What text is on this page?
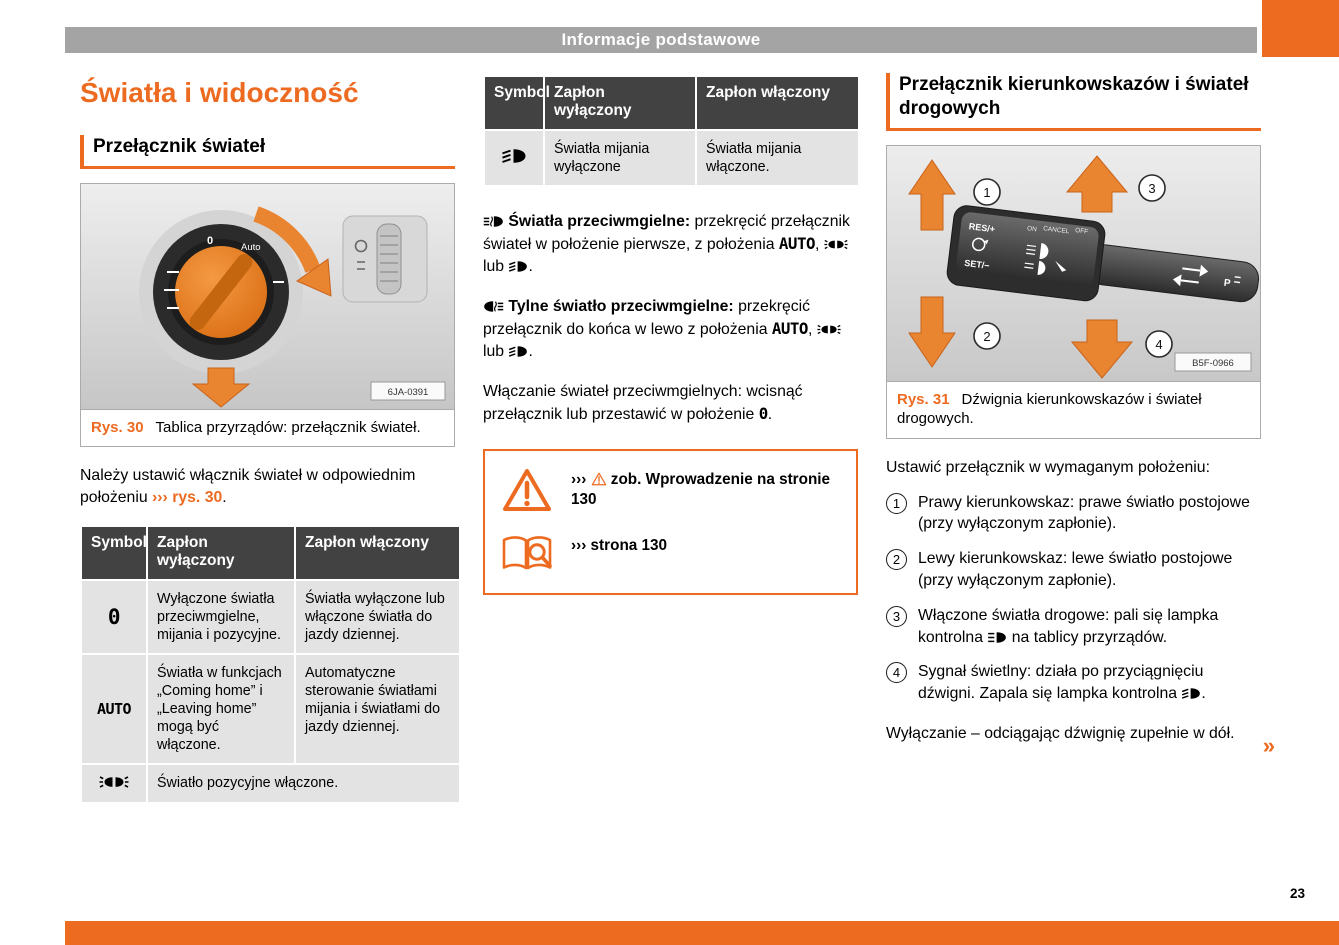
Informacje podstawowe
23
Światła i widoczność
Przełącznik świateł
0
Auto
6JA-0391
Rys. 30 Tablica przyrządów: przełącznik świateł.

Należy ustawić włącznik świateł w odpowiednim położeniu ››› rys. 30.

Symbol	Zapłon wyłączony	Zapłon włączony
0	Wyłączone światła przeciwmgielne, mijania i pozycyjne.	Światła wyłączone lub włączone światła do jazdy dziennej.
AUTO	Światła w funkcjach „Coming home” i „Leaving home” mogą być włączone.	Automatyczne sterowanie światłami mijania i światłami do jazdy dziennej.
	Światło pozycyjne włączone.	
Symbol	Zapłon wyłączony	Zapłon włączony
	Światła mijania wyłączone	Światła mijania włączone.

Światła przeciwmgielne: przekręcić przełącznik świateł w położenie pierwsze, z położenia AUTO,  lub .

Tylne światło przeciwmgielne: przekręcić przełącznik do końca w lewo z położenia AUTO,  lub .

Włączanie świateł przeciwmgielnych: wcisnąć przełącznik lub przestawić w położenie 0.

››› zob. Wprowadzenie na stronie 130
››› strona 130
Przełącznik kierunkowskazów i świateł drogowych
RES/+
SET/−
ON CANCEL OFF
P
1	3
2
4
B5F-0966
Rys. 31 Dźwignia kierunkowskazów i świateł drogowych.

Ustawić przełącznik w wymaganym położeniu:

1	Prawy kierunkowskaz: prawe światło postojowe (przy wyłączonym zapłonie).
2	Lewy kierunkowskaz: lewe światło postojowe (przy wyłączonym zapłonie).
3	Włączone światła drogowe: pali się lampka kontrolna  na tablicy przyrządów.
4	Sygnał świetlny: działa po przyciągnięciu dźwigni. Zapala się lampka kontrolna .

Wyłączanie – odciągając dźwignię zupełnie w dół.	»
